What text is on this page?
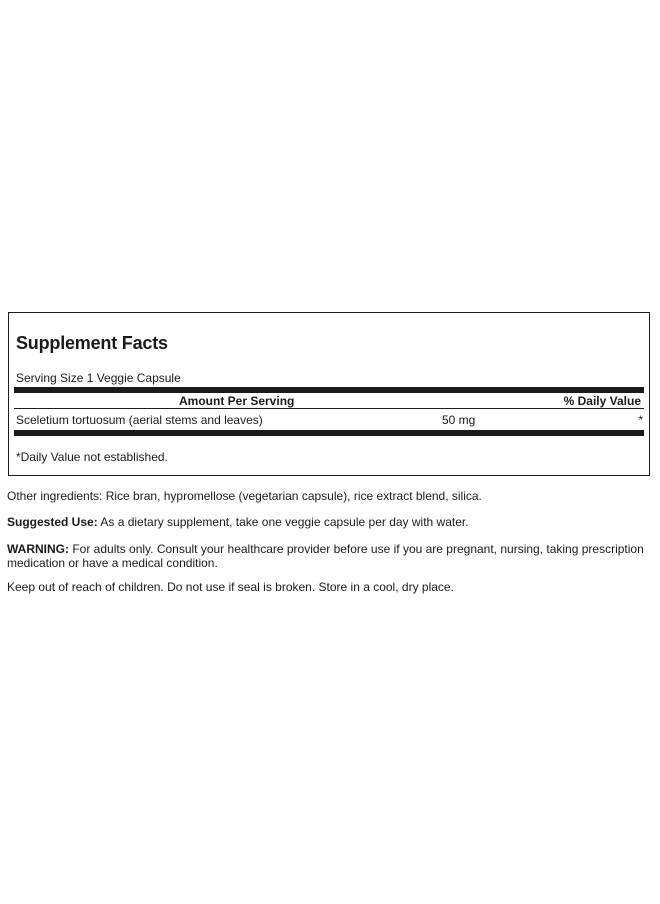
Supplement Facts
Serving Size 1 Veggie Capsule
Amount Per Serving	% Daily Value
Sceletium tortuosum (aerial stems and leaves)	50 mg	*
*Daily Value not established.

Other ingredients: Rice bran, hypromellose (vegetarian capsule), rice extract blend, silica.

Suggested Use: As a dietary supplement, take one veggie capsule per day with water.

WARNING: For adults only. Consult your healthcare provider before use if you are pregnant, nursing, taking prescription medication or have a medical condition.

Keep out of reach of children. Do not use if seal is broken. Store in a cool, dry place.
